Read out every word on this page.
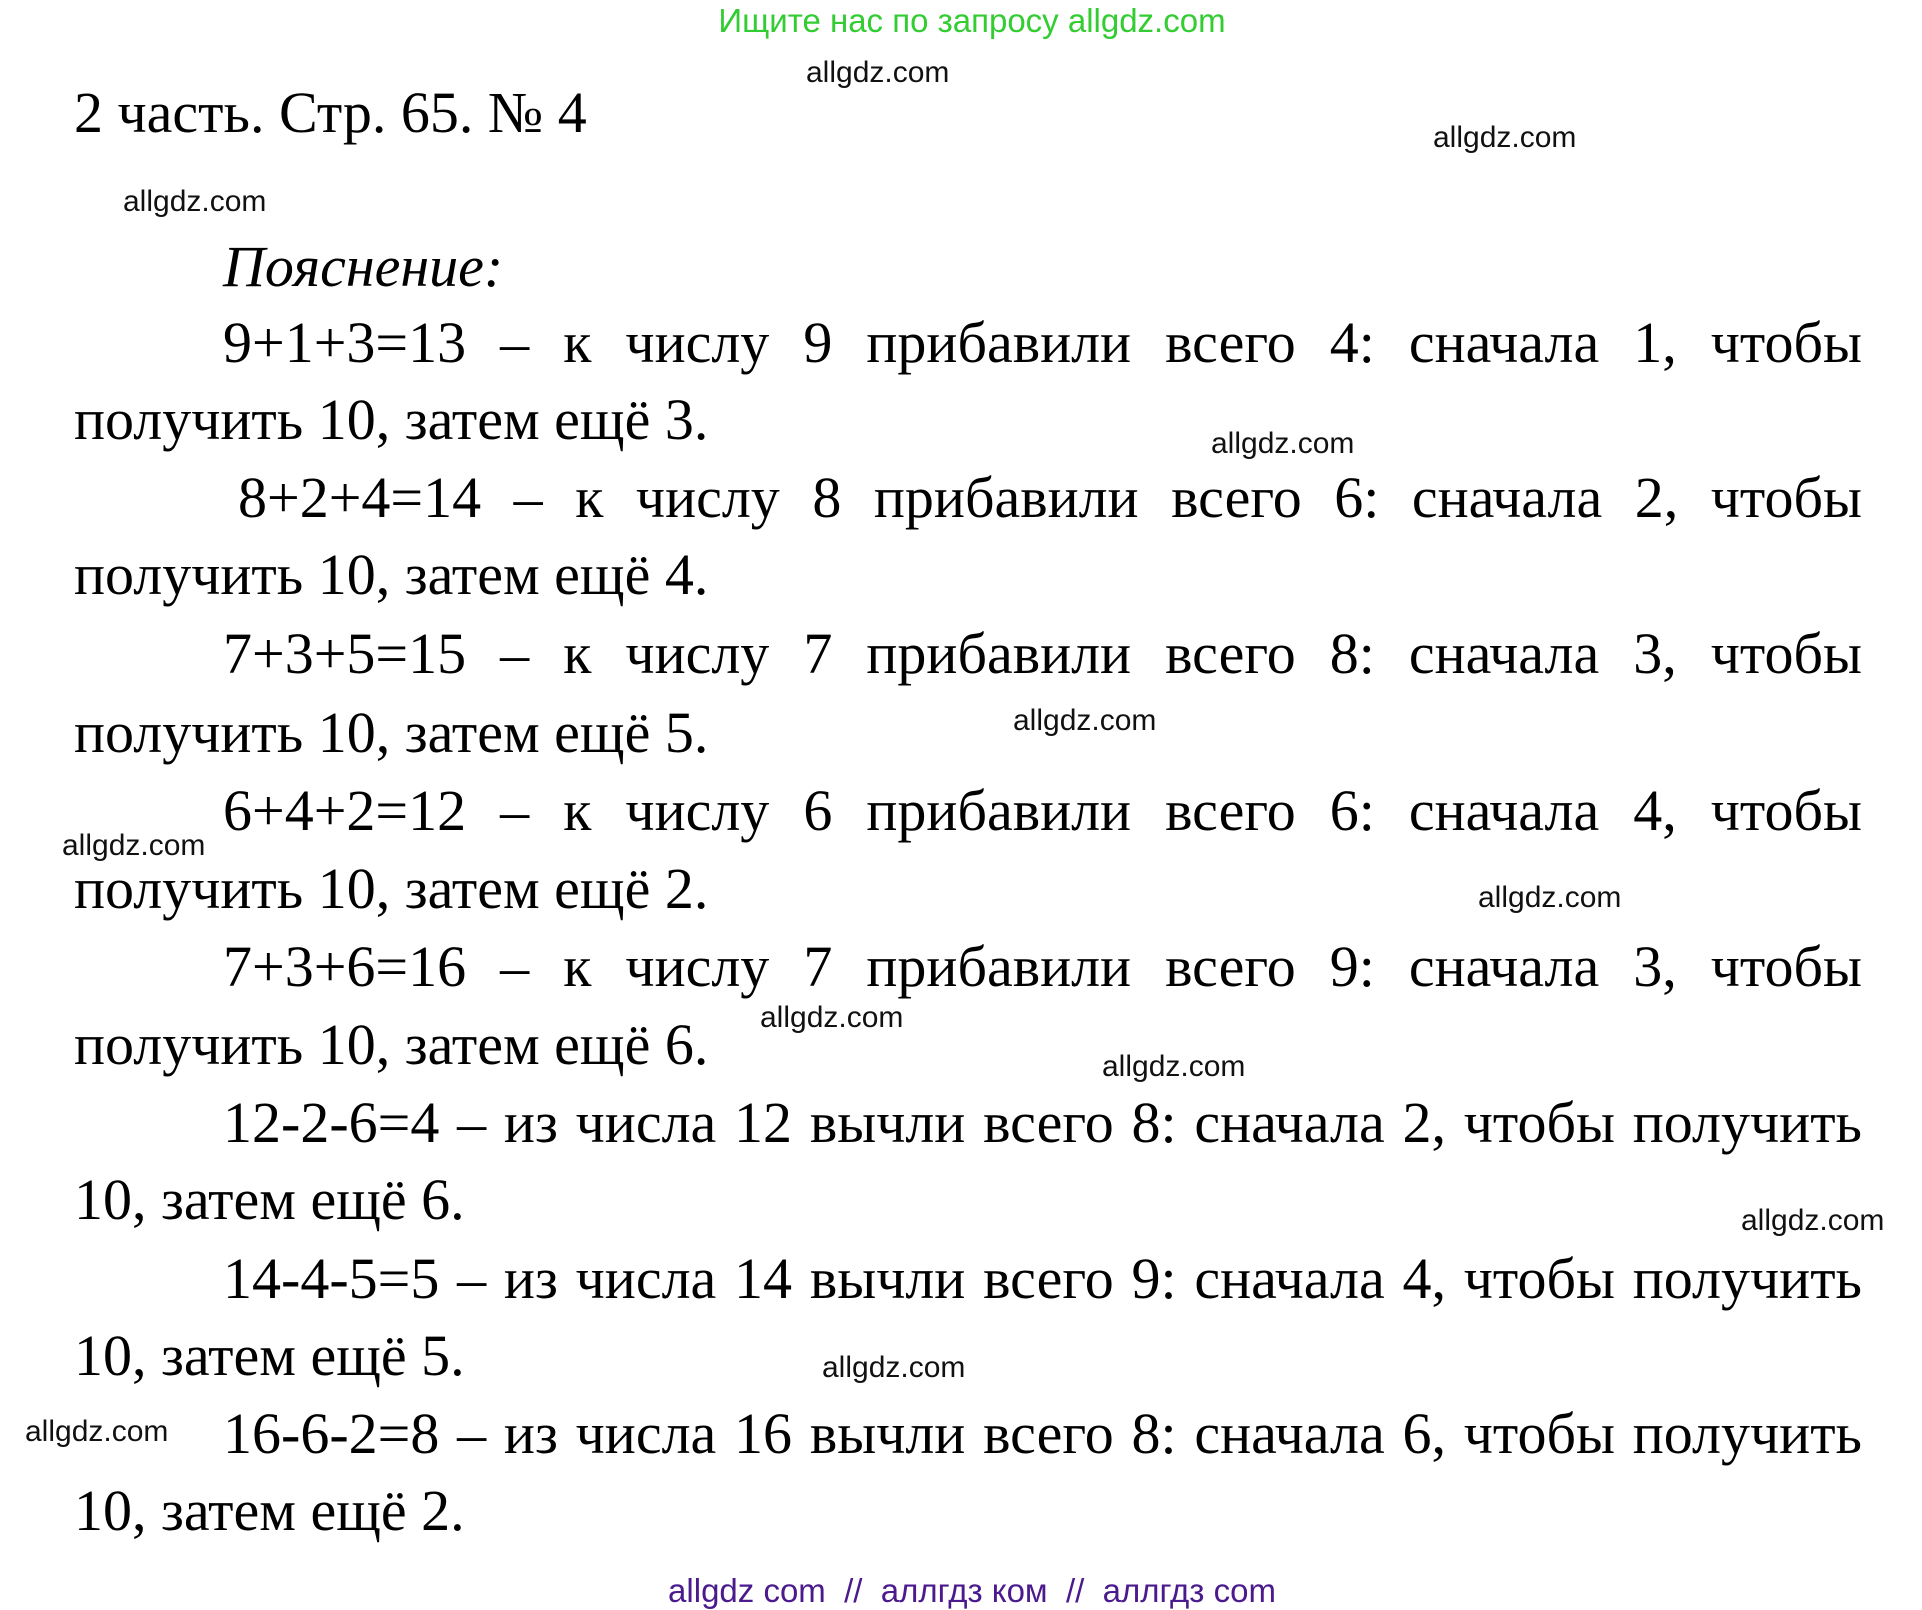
Ищите нас по запросу allgdz.com
2 часть. Стр. 65. № 4
Пояснение:
9+1+3=13 – к числу 9 прибавили всего 4: сначала 1, чтобы
получить 10, затем ещё 3.
8+2+4=14 – к числу 8 прибавили всего 6: сначала 2, чтобы
получить 10, затем ещё 4.
7+3+5=15 – к числу 7 прибавили всего 8: сначала 3, чтобы
получить 10, затем ещё 5.
6+4+2=12 – к числу 6 прибавили всего 6: сначала 4, чтобы
получить 10, затем ещё 2.
7+3+6=16 – к числу 7 прибавили всего 9: сначала 3, чтобы
получить 10, затем ещё 6.
12-2-6=4 – из числа 12 вычли всего 8: сначала 2, чтобы получить
10, затем ещё 6.
14-4-5=5 – из числа 14 вычли всего 9: сначала 4, чтобы получить
10, затем ещё 5.
16-6-2=8 – из числа 16 вычли всего 8: сначала 6, чтобы получить
10, затем ещё 2.
allgdz.com
allgdz.com
allgdz.com
allgdz.com
allgdz.com
allgdz.com
allgdz.com
allgdz.com
allgdz.com
allgdz.com
allgdz.com
allgdz.com
allgdz com  //  аллгдз ком  //  аллгдз com
